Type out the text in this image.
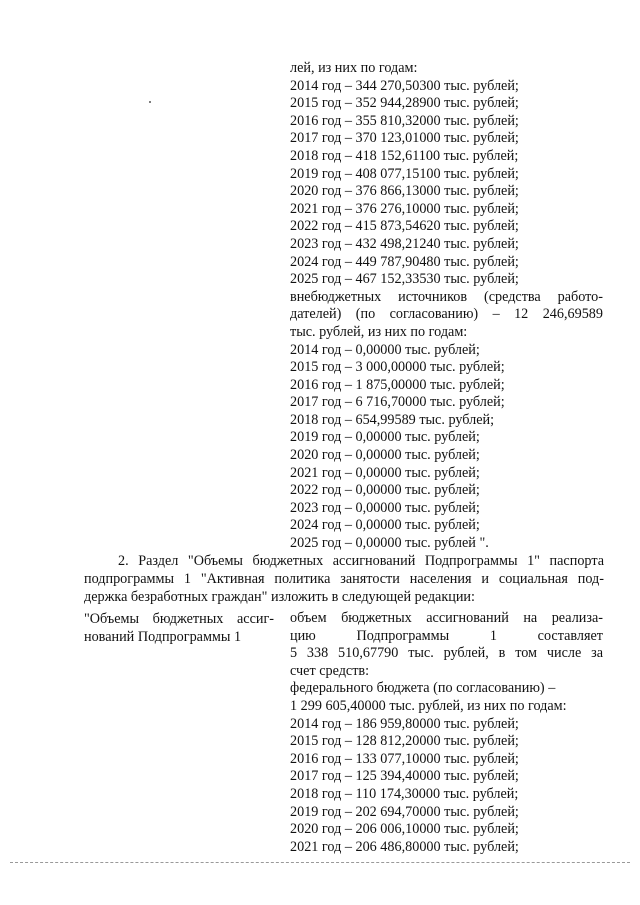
лей, из них по годам:
2014 год – 344 270,50300 тыс. рублей;
2015 год – 352 944,28900 тыс. рублей;
2016 год – 355 810,32000 тыс. рублей;
2017 год – 370 123,01000 тыс. рублей;
2018 год – 418 152,61100 тыс. рублей;
2019 год – 408 077,15100 тыс. рублей;
2020 год – 376 866,13000 тыс. рублей;
2021 год – 376 276,10000 тыс. рублей;
2022 год – 415 873,54620 тыс. рублей;
2023 год – 432 498,21240 тыс. рублей;
2024 год – 449 787,90480 тыс. рублей;
2025 год – 467 152,33530 тыс. рублей;
внебюджетных источников (средства работо-
дателей) (по согласованию) – 12 246,69589
тыс. рублей, из них по годам:
2014 год – 0,00000 тыс. рублей;
2015 год – 3 000,00000 тыс. рублей;
2016 год – 1 875,00000 тыс. рублей;
2017 год – 6 716,70000 тыс. рублей;
2018 год – 654,99589 тыс. рублей;
2019 год – 0,00000 тыс. рублей;
2020 год – 0,00000 тыс. рублей;
2021 год – 0,00000 тыс. рублей;
2022 год – 0,00000 тыс. рублей;
2023 год – 0,00000 тыс. рублей;
2024 год – 0,00000 тыс. рублей;
2025 год – 0,00000 тыс. рублей ".
2. Раздел "Объемы бюджетных ассигнований Подпрограммы 1" паспорта
подпрограммы 1 "Активная политика занятости населения и социальная под-
держка безработных граждан" изложить в следующей редакции:
"Объемы бюджетных ассиг-
нований Подпрограммы 1
объем бюджетных ассигнований на реализа-
цию Подпрограммы 1 составляет
5 338 510,67790 тыс. рублей, в том числе за
счет средств:
федерального бюджета (по согласованию) –
1 299 605,40000 тыс. рублей, из них по годам:
2014 год – 186 959,80000 тыс. рублей;
2015 год – 128 812,20000 тыс. рублей;
2016 год – 133 077,10000 тыс. рублей;
2017 год – 125 394,40000 тыс. рублей;
2018 год – 110 174,30000 тыс. рублей;
2019 год – 202 694,70000 тыс. рублей;
2020 год – 206 006,10000 тыс. рублей;
2021 год – 206 486,80000 тыс. рублей;
